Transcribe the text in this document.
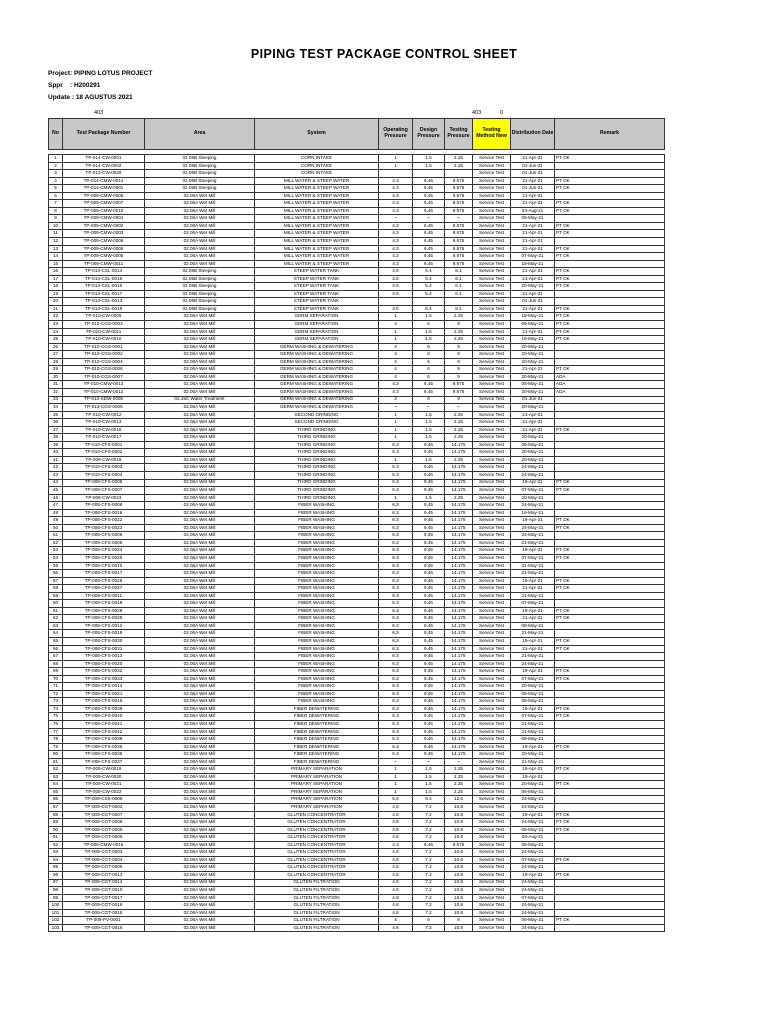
PIPING TEST PACKAGE CONTROL SHEET
Project: PIPING LOTUS PROJECT
Sppr : H200291
Update : 18 AGUSTUS 2021
403	403	0
No	Test Package Number	Area	System	Operating Pressure	Design Pressure	Testing Pressure	Testing Method New	Distribution Date	Remark

1	TP-014-CW-0001	02.06B Steeping	CORN INTAKE	1	1.5	2.25	Service Test	21-Apr-21	PT OK
2	TP-014-CW-0002	02.06B Steeping	CORN INTAKE	1	1.5	2.25	Service Test	01-Jun-21	
3	TP-013-CW-0029	02.06B Steeping	CORN INTAKE				Service Test	01-Jun-21	
4	TP-014-CMW-0014	02.06B Steeping	MILL WATER & STEEP WATER	4.3	6.45	9.675	Service Test	21-Apr-21	PT OK
5	TP-014-CMW-0001	02.06B Steeping	MILL WATER & STEEP WATER	4.3	6.45	9.675	Service Test	01-Jun-21	PT OK
6	TP-009-CMW-0008	02.06A Wet Mill	MILL WATER & STEEP WATER	4.3	6.45	9.675	Service Test	21-Apr-21	
7	TP-009-CMW-0007	02.06A Wet Mill	MILL WATER & STEEP WATER	4.3	6.45	9.675	Service Test	21-Apr-21	PT OK
8	TP-009-CMW-0010	02.06A Wet Mill	MILL WATER & STEEP WATER	4.3	6.45	9.675	Service Test	04-Aug-21	PT OK
9	TP-009-CMW-0004	02.06A Wet Mill	MILL WATER & STEEP WATER	~	~	~	Service Test	06-May-21	
10	TP-009-CMW-0002	02.06A Wet Mill	MILL WATER & STEEP WATER	4.3	6.45	9.675	Service Test	21-Apr-21	PT OK
11	TP-009-CMW-0003	02.06A Wet Mill	MILL WATER & STEEP WATER	4.3	6.45	9.675	Service Test	21-Apr-21	PT OK
12	TP-009-CMW-0006	02.06A Wet Mill	MILL WATER & STEEP WATER	4.3	6.45	9.675	Service Test	21-Apr-21	
13	TP-009-CMW-0009	02.06A Wet Mill	MILL WATER & STEEP WATER	4.3	6.45	9.675	Service Test	21-Apr-21	PT OK
14	TP-009-CMW-0005	02.06A Wet Mill	MILL WATER & STEEP WATER	4.3	6.45	9.675	Service Test	07-May-21	PT OK
15	TP-009-CMW-0011	02.06A Wet Mill	MILL WATER & STEEP WATER	4.3	6.45	9.675	Service Test	18-May-21	
16	TP-014-CSL-0014	02.06B Steeping	STEEP WATER TANK	3.6	5.4	8.1	Service Test	21-Apr-21	PT OK
17	TP-014-CSL-0015	02.06B Steeping	STEEP WATER TANK	3.6	5.4	8.1	Service Test	21-Apr-21	PT OK
18	TP-014-CSL-0016	02.06B Steeping	STEEP WATER TANK	3.6	5.4	8.1	Service Test	20-May-21	PT OK
19	TP-014-CSL-0017	02.06B Steeping	STEEP WATER TANK	3.6	5.4	8.1	Service Test	21-Apr-21	
20	TP-014-CSL-0013	02.06B Steeping	STEEP WATER TANK				Service Test	01-Jun-21	
21	TP-014-CSL-0019	02.06B Steeping	STEEP WATER TANK	3.6	5.4	8.1	Service Test	21-Apr-21	PT OK
22	TP-010-CW-0009	02.06A Wet Mill	GERM SEPARATION	1	1.5	2.25	Service Test	18-May-21	PT OK
23	TP-010-CGS-0003	02.06A Wet Mill	GERM SEPARATION	4	6	9	Service Test	06-May-21	PT OK
24	TP-010-CW-0011	02.06A Wet Mill	GERM SEPARATION	1	1.5	2.25	Service Test	21-Apr-21	PT OK
25	TP-010-CW-0010	02.06A Wet Mill	GERM SEPARATION	1	1.5	2.25	Service Test	18-May-21	PT OK
26	TP-010-CGS-0001	02.06A Wet Mill	GERM WASHING & DEWATERING	4	6	9	Service Test	20-May-21	
27	TP-010-CGS-0002	02.06A Wet Mill	GERM WASHING & DEWATERING	4	6	9	Service Test	20-May-21	
28	TP-010-CGS-0004	02.06A Wet Mill	GERM WASHING & DEWATERING	4	6	9	Service Test	20-May-21	
29	TP-010-CGS-0006	02.06A Wet Mill	GERM WASHING & DEWATERING	4	6	9	Service Test	21-Apr-21	PT OK
30	TP-010-CGS-0007	02.06A Wet Mill	GERM WASHING & DEWATERING	4	6	9	Service Test	20-May-21	ADA
31	TP-010-CMW-0013	02.06A Wet Mill	GERM WASHING & DEWATERING	4.3	6.45	9.675	Service Test	08-May-21	ADA
32	TP-010-CMW-0012	02.06A Wet Mill	GERM WASHING & DEWATERING	4.3	6.45	9.675	Service Test	20-May-21	ADA
33	TP-013-SDW-0005	02.15C Water Treatment	GERM WASHING & DEWATERING	4	6	9	Service Test	01-Jun-21	
34	TP-013-CGS-0005	02.06A Wet Mill	GERM WASHING & DEWATERING	~	~	~	Service Test	20-May-21	
35	TP-010-CW-0012	02.06A Wet Mill	SECOND GRINDING	1	1.5	2.25	Service Test	21-Apr-21	
36	TP-010-CW-0013	02.06A Wet Mill	SECOND GRINDING	1	1.5	2.25	Service Test	21-Apr-21	
37	TP-010-CW-0016	02.06A Wet Mill	THIRD GRINDING	1	1.5	2.25	Service Test	21-Apr-21	PT OK
38	TP-010-CW-0017	02.06A Wet Mill	THIRD GRINDING	1	1.5	2.25	Service Test	20-May-21	
39	TP-010-CFS-0001	02.06A Wet Mill	THIRD GRINDING	6.3	9.45	14.175	Service Test	06-May-21	
40	TP-010-CFS-0002	02.06A Wet Mill	THIRD GRINDING	6.3	9.45	14.175	Service Test	20-May-21	
41	TP-009-CW-0018	02.06A Wet Mill	THIRD GRINDING	1	1.5	2.25	Service Test	20-May-21	
42	TP-010-CFS-0003	02.06A Wet Mill	THIRD GRINDING	6.3	9.45	14.175	Service Test	24-May-21	
43	TP-010-CFS-0004	02.06A Wet Mill	THIRD GRINDING	6.3	9.45	14.175	Service Test	24-May-21	
44	TP-008-CFS-0006	02.06A Wet Mill	THIRD GRINDING	6.3	9.45	14.175	Service Test	19-Apr-21	PT OK
45	TP-008-CFS-0007	02.06A Wet Mill	THIRD GRINDING	6.3	9.45	14.175	Service Test	07-May-21	PT OK
46	TP-009-CW-0023	02.06A Wet Mill	THIRD GRINDING	1	1.5	2.25	Service Test	20-May-21	
47	TP-008-CFS-0008	02.06A Wet Mill	FIBER WASHING	6.3	9.45	14.175	Service Test	24-May-21	
48	TP-008-CFS-0016	02.06A Wet Mill	FIBER WASHING	6.3	9.45	14.175	Service Test	18-May-21	
49	TP-008-CFS-0022	02.06A Wet Mill	FIBER WASHING	6.3	9.45	14.175	Service Test	19-Apr-21	PT OK
50	TP-008-CFS-0023	02.06A Wet Mill	FIBER WASHING	6.3	9.45	14.175	Service Test	24-May-21	PT OK
51	TP-008-CFS-0009	02.06A Wet Mill	FIBER WASHING	6.3	9.45	14.175	Service Test	24-May-21	
52	TP-008-CFS-0005	02.06A Wet Mill	FIBER WASHING	6.3	9.45	14.175	Service Test	21-May-21	
53	TP-008-CFS-0024	02.06A Wet Mill	FIBER WASHING	6.3	9.45	14.175	Service Test	19-Apr-21	PT OK
54	TP-008-CFS-0025	02.06A Wet Mill	FIBER WASHING	6.3	9.45	14.175	Service Test	07-May-21	PT OK
55	TP-008-CFS-0010	02.06A Wet Mill	FIBER WASHING	6.3	9.45	14.175	Service Test	21-May-21	
56	TP-008-CFS-0017	02.06A Wet Mill	FIBER WASHING	6.3	9.45	14.175	Service Test	21-May-21	
57	TP-008-CFS-0026	02.06A Wet Mill	FIBER WASHING	6.3	9.45	14.175	Service Test	19-Apr-21	PT OK
58	TP-008-CFS-0027	02.06A Wet Mill	FIBER WASHING	6.3	9.45	14.175	Service Test	21-Apr-21	PT OK
59	TP-008-CFS-0011	02.06A Wet Mill	FIBER WASHING	6.3	9.45	14.175	Service Test	21-May-21	
60	TP-008-CFS-0018	02.06A Wet Mill	FIBER WASHING	6.3	9.45	14.175	Service Test	07-May-21	
61	TP-008-CFS-0028	02.06A Wet Mill	FIBER WASHING	6.3	9.45	14.175	Service Test	19-Apr-21	PT OK
62	TP-008-CFS-0029	02.06A Wet Mill	FIBER WASHING	6.3	9.45	14.175	Service Test	21-Apr-21	PT OK
63	TP-008-CFS-0012	02.06A Wet Mill	FIBER WASHING	6.3	9.45	14.175	Service Test	08-May-21	
64	TP-008-CFS-0019	02.06A Wet Mill	FIBER WASHING	6.3	9.45	14.175	Service Test	21-May-21	
65	TP-008-CFS-0030	02.06A Wet Mill	FIBER WASHING	6.3	9.45	14.175	Service Test	19-Apr-21	PT OK
66	TP-008-CFS-0031	02.06A Wet Mill	FIBER WASHING	6.3	9.45	14.175	Service Test	21-Apr-21	PT OK
67	TP-008-CFS-0013	02.06A Wet Mill	FIBER WASHING	6.3	9.45	14.175	Service Test	21-May-21	
68	TP-008-CFS-0020	02.06A Wet Mill	FIBER WASHING	6.3	9.45	14.175	Service Test	24-May-21	
69	TP-008-CFS-0032	02.06A Wet Mill	FIBER WASHING	6.3	9.45	14.175	Service Test	19-Apr-21	PT OK
70	TP-008-CFS-0033	02.06A Wet Mill	FIBER WASHING	6.3	9.45	14.175	Service Test	07-May-21	PT OK
71	TP-008-CFS-0014	02.06A Wet Mill	FIBER WASHING	6.3	9.45	14.175	Service Test	20-May-21	
72	TP-008-CFS-0021	02.06A Wet Mill	FIBER WASHING	6.3	9.45	14.175	Service Test	08-May-21	
73	TP-008-CFS-0015	02.06A Wet Mill	FIBER WASHING	6.3	9.45	14.175	Service Test	08-May-21	
74	TP-008-CFS-0039	02.06A Wet Mill	FIBER DEWATERING	6.3	9.45	14.175	Service Test	19-Apr-21	PT OK
75	TP-008-CFS-0040	02.06A Wet Mill	FIBER DEWATERING	6.3	9.45	14.175	Service Test	07-May-21	PT OK
76	TP-008-CFS-0041	02.06A Wet Mill	FIBER DEWATERING	6.3	9.45	14.175	Service Test	21-May-21	
77	TP-008-CFS-0042	02.06A Wet Mill	FIBER DEWATERING	6.3	9.45	14.175	Service Test	21-May-21	
78	TP-008-CFS-0038	02.06A Wet Mill	FIBER DEWATERING	6.3	9.45	14.175	Service Test	06-May-21	
79	TP-008-CFS-0035	02.06A Wet Mill	FIBER DEWATERING	6.3	9.45	14.175	Service Test	19-Apr-21	PT OK
80	TP-008-CFS-0036	02.06A Wet Mill	FIBER DEWATERING	6.3	9.45	14.175	Service Test	20-May-21	
81	TP-008-CFS-0037	02.06A Wet Mill	FIBER DEWATERING	~	~	~	Service Test	21-May-21	
82	TP-009-CW-0019	02.06A Wet Mill	PRIMARY SEPARATION	1	1.5	2.25	Service Test	19-Apr-21	PT OK
83	TP-009-CW-0020	02.06A Wet Mill	PRIMARY SEPARATION	1	1.5	2.25	Service Test	19-Apr-21	
84	TP-009-CW-0021	02.06A Wet Mill	PRIMARY SEPARATION	1	1.5	2.25	Service Test	20-May-21	PT OK
85	TP-009-CW-0022	02.06A Wet Mill	PRIMARY SEPARATION	1	1.5	2.25	Service Test	06-May-21	
86	TP-009-CSS-0008	02.06A Wet Mill	PRIMARY SEPARATION	5.6	8.4	12.6	Service Test	24-May-21	
87	TP-009-CGT-0002	02.06A Wet Mill	PRIMARY SEPARATION	4.8	7.2	10.8	Service Test	24-May-21	
88	TP-009-CGT-0007	02.06A Wet Mill	GLUTEN CONCENTRATOR	4.8	7.2	10.8	Service Test	19-Apr-21	PT OK
89	TP-009-CGT-0008	02.06A Wet Mill	GLUTEN CONCENTRATOR	4.8	7.2	10.8	Service Test	24-May-21	PT OK
90	TP-009-CGT-0009	02.06A Wet Mill	GLUTEN CONCENTRATOR	4.8	7.2	10.8	Service Test	06-May-21	PT OK
91	TP-009-CGT-0006	02.06A Wet Mill	GLUTEN CONCENTRATOR	4.8	7.2	10.8	Service Test	04-Aug-21	
92	TP-009-CMW-0016	02.06A Wet Mill	GLUTEN CONCENTRATOR	4.3	6.45	9.675	Service Test	08-May-21	
93	TP-009-CGT-0003	02.06A Wet Mill	GLUTEN CONCENTRATOR	4.8	7.2	10.8	Service Test	24-May-21	
94	TP-009-CGT-0004	02.06A Wet Mill	GLUTEN CONCENTRATOR	4.8	7.2	10.8	Service Test	07-May-21	PT OK
95	TP-009-CGT-0005	02.06A Wet Mill	GLUTEN CONCENTRATOR	4.8	7.2	10.8	Service Test	24-May-21	
96	TP-009-CGT-0013	02.06A Wet Mill	GLUTEN CONCENTRATOR	4.8	7.2	10.8	Service Test	19-Apr-21	PT OK
97	TP-009-CGT-0014	02.06A Wet Mill	GLUTEN FILTRATION	4.8	7.2	10.8	Service Test	24-May-21	
98	TP-009-CGT-0010	02.06A Wet Mill	GLUTEN FILTRATION	4.8	7.2	10.8	Service Test	24-May-21	
99	TP-009-CGT-0017	02.06A Wet Mill	GLUTEN FILTRATION	4.8	7.2	10.8	Service Test	07-May-21	
100	TP-009-CGT-0018	02.06A Wet Mill	GLUTEN FILTRATION	4.8	7.2	10.8	Service Test	24-May-21	
101	TP-009-CGT-0015	02.06A Wet Mill	GLUTEN FILTRATION	4.8	7.2	10.8	Service Test	24-May-21	
102	TP-009-PV-0001	02.06A Wet Mill	GLUTEN FILTRATION	4	6	9	Service Test	06-May-21	PT OK
103	TP-009-CGT-0016	02.06A Wet Mill	GLUTEN FILTRATION	4.8	7.2	10.8	Service Test	24-May-21	
